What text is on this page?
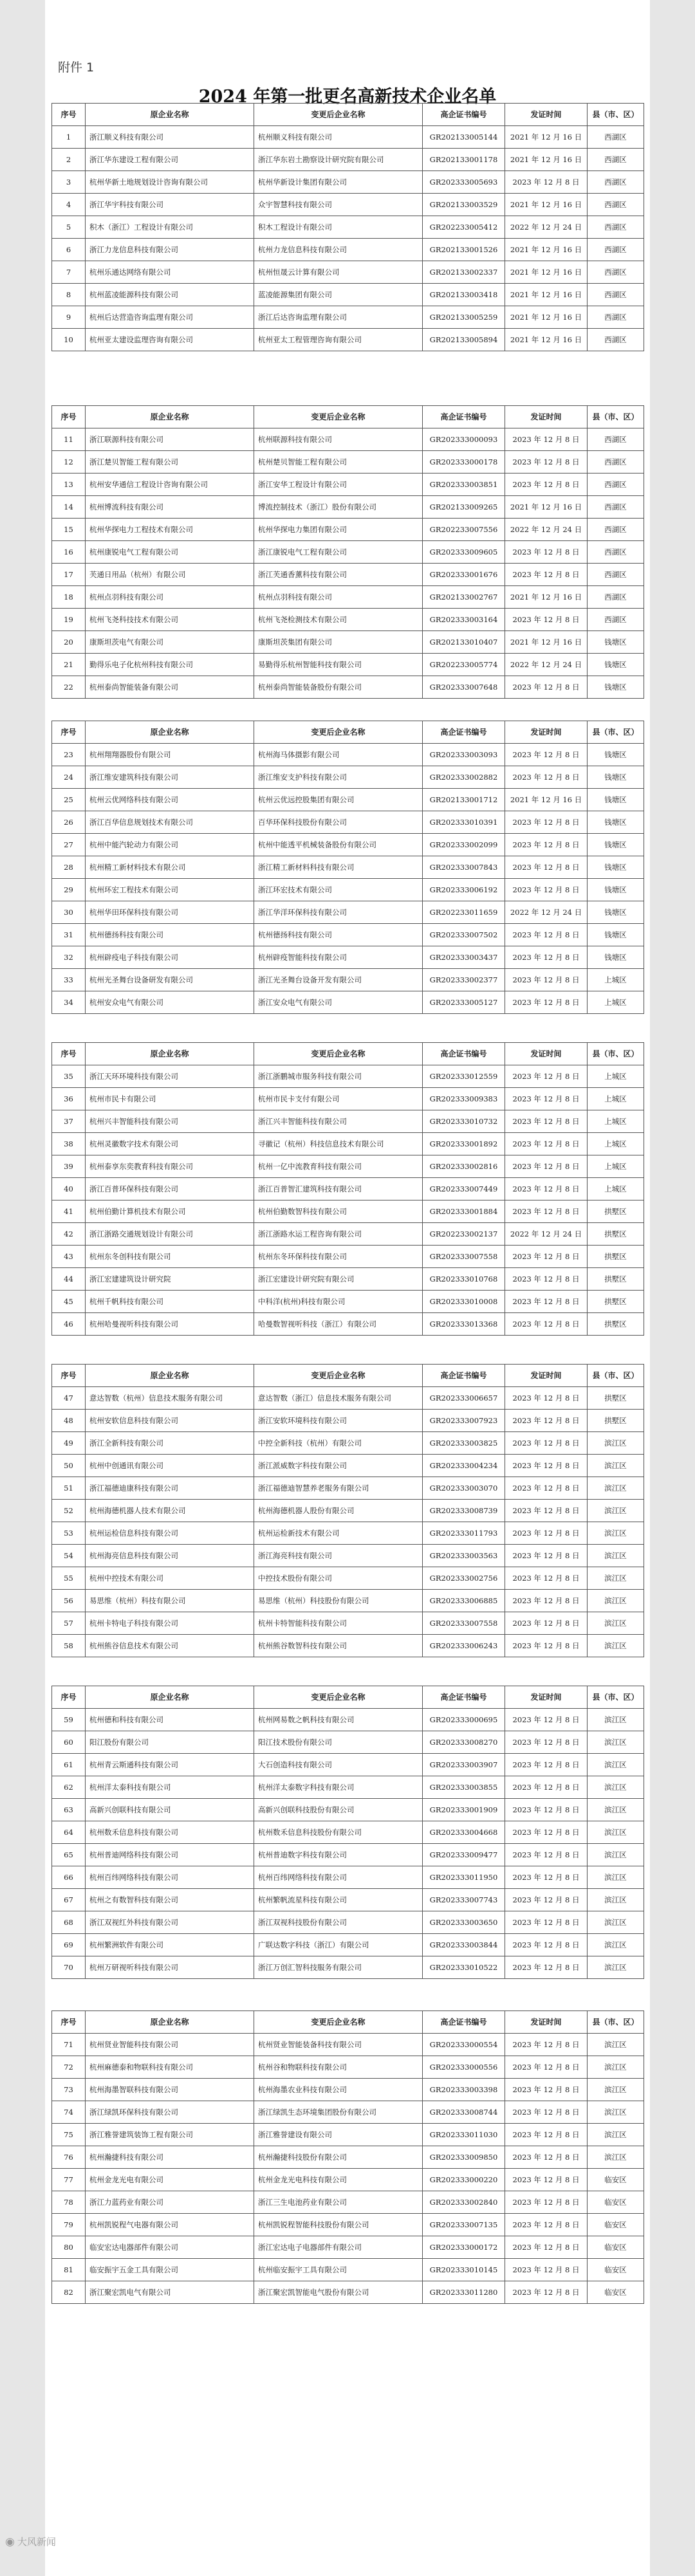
附件 1
2024 年第一批更名高新技术企业名单
序号	原企业名称	变更后企业名称	高企证书编号	发证时间	县（市、区）
1	浙江顺义科技有限公司	杭州顺义科技有限公司	GR202133005144	2021 年 12 月 16 日	西湖区
2	浙江华东建设工程有限公司	浙江华东岩土勘察设计研究院有限公司	GR202133001178	2021 年 12 月 16 日	西湖区
3	杭州华新土地规划设计咨询有限公司	杭州华新设计集团有限公司	GR202333005693	2023 年 12 月 8 日	西湖区
4	浙江华宇科技有限公司	众宇智慧科技有限公司	GR202133003529	2021 年 12 月 16 日	西湖区
5	积木（浙江）工程设计有限公司	积木工程设计有限公司	GR202233005412	2022 年 12 月 24 日	西湖区
6	浙江力龙信息科技有限公司	杭州力龙信息科技有限公司	GR202133001526	2021 年 12 月 16 日	西湖区
7	杭州乐通达网络有限公司	杭州恒晟云计算有限公司	GR202133002337	2021 年 12 月 16 日	西湖区
8	杭州蓝凌能源科技有限公司	蓝凌能源集团有限公司	GR202133003418	2021 年 12 月 16 日	西湖区
9	杭州后达营造咨询监理有限公司	浙江后达咨询监理有限公司	GR202133005259	2021 年 12 月 16 日	西湖区
10	杭州亚太建设监理咨询有限公司	杭州亚太工程管理咨询有限公司	GR202133005894	2021 年 12 月 16 日	西湖区
序号	原企业名称	变更后企业名称	高企证书编号	发证时间	县（市、区）
11	浙江联源科技有限公司	杭州联源科技有限公司	GR202333000093	2023 年 12 月 8 日	西湖区
12	浙江楚贝智能工程有限公司	杭州楚贝智能工程有限公司	GR202333000178	2023 年 12 月 8 日	西湖区
13	杭州安华通信工程设计咨询有限公司	浙江安华工程设计有限公司	GR202333003851	2023 年 12 月 8 日	西湖区
14	杭州博流科技有限公司	博流控制技术（浙江）股份有限公司	GR202133009265	2021 年 12 月 16 日	西湖区
15	杭州华探电力工程技术有限公司	杭州华探电力集团有限公司	GR202233007556	2022 年 12 月 24 日	西湖区
16	杭州康锐电气工程有限公司	浙江康锐电气工程有限公司	GR202333009605	2023 年 12 月 8 日	西湖区
17	芙通日用品（杭州）有限公司	浙江芙通香薰科技有限公司	GR202333001676	2023 年 12 月 8 日	西湖区
18	杭州点羽科技有限公司	杭州点羽科技有限公司	GR202133002767	2021 年 12 月 16 日	西湖区
19	杭州飞尧科技技术有限公司	杭州飞尧检测技术有限公司	GR202333003164	2023 年 12 月 8 日	西湖区
20	康斯坦茨电气有限公司	康斯坦茨集团有限公司	GR202133010407	2021 年 12 月 16 日	钱塘区
21	勤得乐电子化杭州科技有限公司	易勤得乐杭州智能科技有限公司	GR202233005774	2022 年 12 月 24 日	钱塘区
22	杭州泰尚智能装备有限公司	杭州泰尚智能装备股份有限公司	GR202333007648	2023 年 12 月 8 日	钱塘区
序号	原企业名称	变更后企业名称	高企证书编号	发证时间	县（市、区）
23	杭州翔翔器股份有限公司	杭州海马体摄影有限公司	GR202333003093	2023 年 12 月 8 日	钱塘区
24	浙江维安建筑科技有限公司	浙江维安支护科技有限公司	GR202333002882	2023 年 12 月 8 日	钱塘区
25	杭州云优网络科技有限公司	杭州云优远控股集团有限公司	GR202133001712	2021 年 12 月 16 日	钱塘区
26	浙江百华信息规划技术有限公司	百华环保科技股份有限公司	GR202333010391	2023 年 12 月 8 日	钱塘区
27	杭州中能汽轮动力有限公司	杭州中能透平机械装备股份有限公司	GR202333002099	2023 年 12 月 8 日	钱塘区
28	杭州精工新材料技术有限公司	浙江精工新材料科技有限公司	GR202333007843	2023 年 12 月 8 日	钱塘区
29	杭州环宏工程技术有限公司	浙江环宏技术有限公司	GR202333006192	2023 年 12 月 8 日	钱塘区
30	杭州华田环保科技有限公司	浙江华洋环保科技有限公司	GR202233011659	2022 年 12 月 24 日	钱塘区
31	杭州德扬科技有限公司	杭州德扬科技有限公司	GR202333007502	2023 年 12 月 8 日	钱塘区
32	杭州辟疫电子科技有限公司	杭州辟疫智能科技有限公司	GR202333003437	2023 年 12 月 8 日	钱塘区
33	杭州光圣舞台设备研发有限公司	浙江光圣舞台设备开发有限公司	GR202333002377	2023 年 12 月 8 日	上城区
34	杭州安众电气有限公司	浙江安众电气有限公司	GR202333005127	2023 年 12 月 8 日	上城区
序号	原企业名称	变更后企业名称	高企证书编号	发证时间	县（市、区）
35	浙江天环环境科技有限公司	浙江浙鹏城市服务科技有限公司	GR202333012559	2023 年 12 月 8 日	上城区
36	杭州市民卡有限公司	杭州市民卡支付有限公司	GR202333009383	2023 年 12 月 8 日	上城区
37	杭州兴丰智能科技有限公司	浙江兴丰智能科技有限公司	GR202333010732	2023 年 12 月 8 日	上城区
38	杭州灵徽数字技术有限公司	寻徽记（杭州）科技信息技术有限公司	GR202333001892	2023 年 12 月 8 日	上城区
39	杭州泰享东奕教育科技有限公司	杭州一亿中流教育科技有限公司	GR202333002816	2023 年 12 月 8 日	上城区
40	浙江百普环保科技有限公司	浙江百普智汇建筑科技有限公司	GR202333007449	2023 年 12 月 8 日	上城区
41	杭州伯勤计算机技术有限公司	杭州伯勤数智科技有限公司	GR202333001884	2023 年 12 月 8 日	拱墅区
42	浙江浙路交通规划设计有限公司	浙江浙路水运工程咨询有限公司	GR202233002137	2022 年 12 月 24 日	拱墅区
43	杭州东冬创科技有限公司	杭州东冬环保科技有限公司	GR202333007558	2023 年 12 月 8 日	拱墅区
44	浙江宏建建筑设计研究院	浙江宏建设计研究院有限公司	GR202333010768	2023 年 12 月 8 日	拱墅区
45	杭州千帆科技有限公司	中科洋(杭州)科技有限公司	GR202333010008	2023 年 12 月 8 日	拱墅区
46	杭州哈曼视听科技有限公司	哈曼数智视听科技（浙江）有限公司	GR202333013368	2023 年 12 月 8 日	拱墅区
序号	原企业名称	变更后企业名称	高企证书编号	发证时间	县（市、区）
47	意达智数（杭州）信息技术服务有限公司	意达智数（浙江）信息技术服务有限公司	GR202333006657	2023 年 12 月 8 日	拱墅区
48	杭州安软信息科技有限公司	浙江安软环境科技有限公司	GR202333007923	2023 年 12 月 8 日	拱墅区
49	浙江全新科技有限公司	中控全新科技（杭州）有限公司	GR202333003825	2023 年 12 月 8 日	滨江区
50	杭州中创通讯有限公司	浙江派威数字科技有限公司	GR202333004234	2023 年 12 月 8 日	滨江区
51	浙江福德迪康科技有限公司	浙江福德迪智慧养老服务有限公司	GR202333003070	2023 年 12 月 8 日	滨江区
52	杭州海德机器人技术有限公司	杭州海德机器人股份有限公司	GR202333008739	2023 年 12 月 8 日	滨江区
53	杭州运检信息科技有限公司	杭州运检新技术有限公司	GR202333011793	2023 年 12 月 8 日	滨江区
54	杭州海亮信息科技有限公司	浙江海亮科技有限公司	GR202333003563	2023 年 12 月 8 日	滨江区
55	杭州中控技术有限公司	中控技术股份有限公司	GR202333002756	2023 年 12 月 8 日	滨江区
56	易思维（杭州）科技有限公司	易思维（杭州）科技股份有限公司	GR202333006885	2023 年 12 月 8 日	滨江区
57	杭州卡特电子科技有限公司	杭州卡特智能科技有限公司	GR202333007558	2023 年 12 月 8 日	滨江区
58	杭州熊谷信息技术有限公司	杭州熊谷数智科技有限公司	GR202333006243	2023 年 12 月 8 日	滨江区
序号	原企业名称	变更后企业名称	高企证书编号	发证时间	县（市、区）
59	杭州德和科技有限公司	杭州网易数之帆科技有限公司	GR202333000695	2023 年 12 月 8 日	滨江区
60	阳江股份有限公司	阳江技术股份有限公司	GR202333008270	2023 年 12 月 8 日	滨江区
61	杭州青云斯通科技有限公司	大石创造科技有限公司	GR202333003907	2023 年 12 月 8 日	滨江区
62	杭州洋太泰科技有限公司	杭州洋太泰数字科技有限公司	GR202333003855	2023 年 12 月 8 日	滨江区
63	高新兴创联科技有限公司	高新兴创联科技股份有限公司	GR202333001909	2023 年 12 月 8 日	滨江区
64	杭州数禾信息科技有限公司	杭州数禾信息科技股份有限公司	GR202333004668	2023 年 12 月 8 日	滨江区
65	杭州普迪网络科技有限公司	杭州普迪数字科技有限公司	GR202333009477	2023 年 12 月 8 日	滨江区
66	杭州百纬网络科技有限公司	杭州百纬网络科技有限公司	GR202333011950	2023 年 12 月 8 日	滨江区
67	杭州之有数智科技有限公司	杭州繁帆流星科技有限公司	GR202333007743	2023 年 12 月 8 日	滨江区
68	浙江双视红外科技有限公司	浙江双视科技股份有限公司	GR202333003650	2023 年 12 月 8 日	滨江区
69	杭州繁洲软件有限公司	广联达数字科技（浙江）有限公司	GR202333003844	2023 年 12 月 8 日	滨江区
70	杭州万研视听科技有限公司	浙江万创汇智科技服务有限公司	GR202333010522	2023 年 12 月 8 日	滨江区
序号	原企业名称	变更后企业名称	高企证书编号	发证时间	县（市、区）
71	杭州贤业智能科技有限公司	杭州贤业智能装备科技有限公司	GR202333000554	2023 年 12 月 8 日	滨江区
72	杭州麻德泰和物联科技有限公司	杭州谷和物联科技有限公司	GR202333000556	2023 年 12 月 8 日	滨江区
73	杭州海墨智联科技有限公司	杭州海墨农业科技有限公司	GR202333003398	2023 年 12 月 8 日	滨江区
74	浙江绿凯环保科技有限公司	浙江绿凯生态环境集团股份有限公司	GR202333008744	2023 年 12 月 8 日	滨江区
75	浙江雅誉建筑装饰工程有限公司	浙江雅誉建设有限公司	GR202333011030	2023 年 12 月 8 日	滨江区
76	杭州瀚捷科技有限公司	杭州瀚捷科技股份有限公司	GR202333009850	2023 年 12 月 8 日	滨江区
77	杭州金龙光电有限公司	杭州金龙光电科技有限公司	GR202333000220	2023 年 12 月 8 日	临安区
78	浙江力蓝药业有限公司	浙江三生电池药业有限公司	GR202333002840	2023 年 12 月 8 日	临安区
79	杭州凯锐程气电器有限公司	杭州凯锐程智能科技股份有限公司	GR202333007135	2023 年 12 月 8 日	临安区
80	临安宏达电器部件有限公司	浙江宏达电子电器部件有限公司	GR202333000172	2023 年 12 月 8 日	临安区
81	临安振宇五金工具有限公司	杭州临安振宇工具有限公司	GR202333010145	2023 年 12 月 8 日	临安区
82	浙江聚宏凯电气有限公司	浙江聚宏凯智能电气股份有限公司	GR202333011280	2023 年 12 月 8 日	临安区
◉ 大风新闻
